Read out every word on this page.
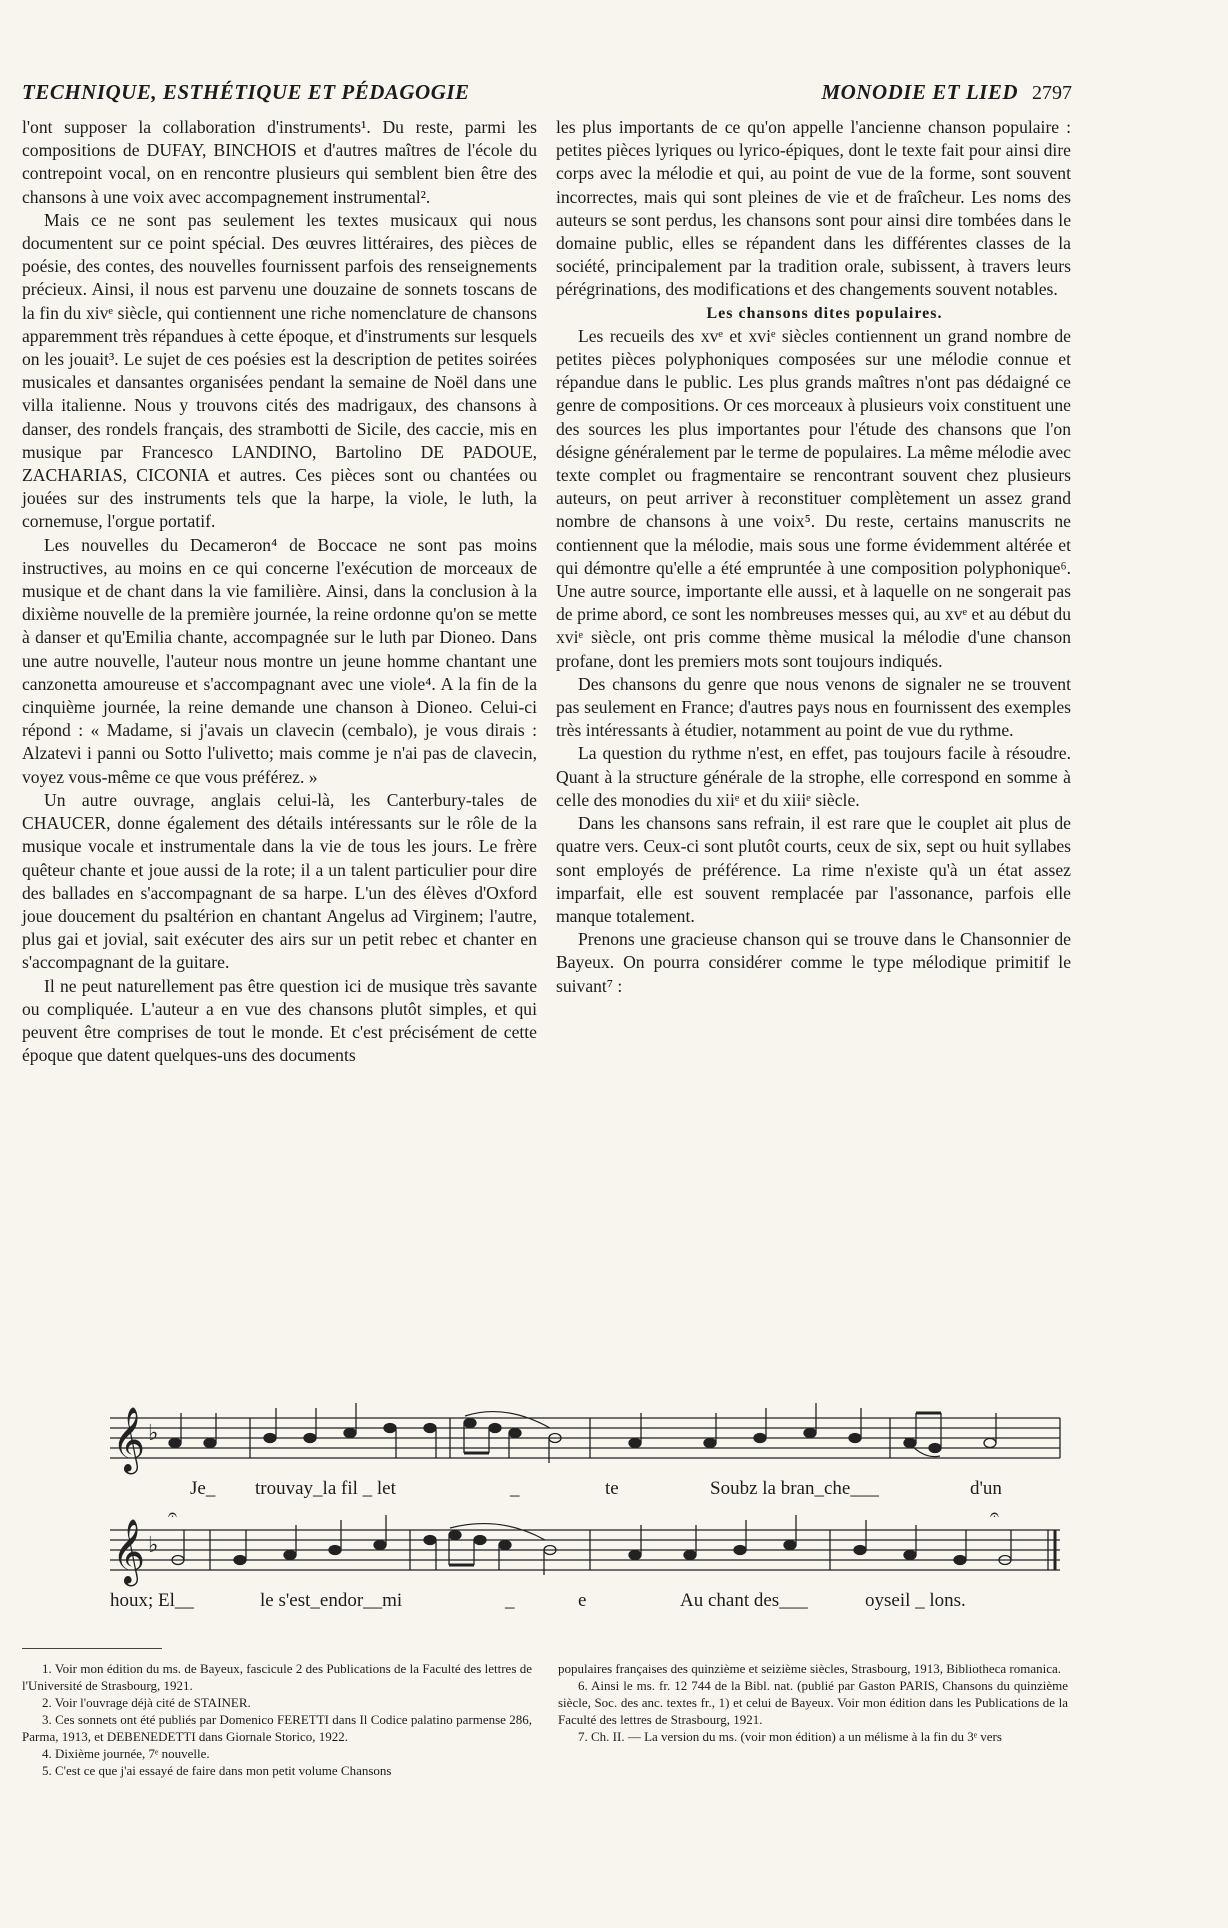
TECHNIQUE, ESTHÉTIQUE ET PÉDAGOGIE	MONODIE ET LIED 2797

l'ont supposer la collaboration d'instruments¹. Du reste, parmi les compositions de DUFAY, BINCHOIS et d'autres maîtres de l'école du contrepoint vocal, on en rencontre plusieurs qui semblent bien être des chansons à une voix avec accompagnement instrumental².

Mais ce ne sont pas seulement les textes musicaux qui nous documentent sur ce point spécial. Des œuvres littéraires, des pièces de poésie, des contes, des nouvelles fournissent parfois des renseignements précieux. Ainsi, il nous est parvenu une douzaine de sonnets toscans de la fin du xivᵉ siècle, qui contiennent une riche nomenclature de chansons apparemment très répandues à cette époque, et d'instruments sur lesquels on les jouait³. Le sujet de ces poésies est la description de petites soirées musicales et dansantes organisées pendant la semaine de Noël dans une villa italienne. Nous y trouvons cités des madrigaux, des chansons à danser, des rondels français, des strambotti de Sicile, des caccie, mis en musique par Francesco LANDINO, Bartolino DE PADOUE, ZACHARIAS, CICONIA et autres. Ces pièces sont ou chantées ou jouées sur des instruments tels que la harpe, la viole, le luth, la cornemuse, l'orgue portatif.

Les nouvelles du Decameron⁴ de Boccace ne sont pas moins instructives, au moins en ce qui concerne l'exécution de morceaux de musique et de chant dans la vie familière. Ainsi, dans la conclusion à la dixième nouvelle de la première journée, la reine ordonne qu'on se mette à danser et qu'Emilia chante, accompagnée sur le luth par Dioneo. Dans une autre nouvelle, l'auteur nous montre un jeune homme chantant une canzonetta amoureuse et s'accompagnant avec une viole⁴. A la fin de la cinquième journée, la reine demande une chanson à Dioneo. Celui-ci répond : « Madame, si j'avais un clavecin (cembalo), je vous dirais : Alzatevi i panni ou Sotto l'ulivetto; mais comme je n'ai pas de clavecin, voyez vous-même ce que vous préférez. »

Un autre ouvrage, anglais celui-là, les Canterbury-tales de CHAUCER, donne également des détails intéressants sur le rôle de la musique vocale et instrumentale dans la vie de tous les jours. Le frère quêteur chante et joue aussi de la rote; il a un talent particulier pour dire des ballades en s'accompagnant de sa harpe. L'un des élèves d'Oxford joue doucement du psaltérion en chantant Angelus ad Virginem; l'autre, plus gai et jovial, sait exécuter des airs sur un petit rebec et chanter en s'accompagnant de la guitare.

Il ne peut naturellement pas être question ici de musique très savante ou compliquée. L'auteur a en vue des chansons plutôt simples, et qui peuvent être comprises de tout le monde. Et c'est précisément de cette époque que datent quelques-uns des documents

les plus importants de ce qu'on appelle l'ancienne chanson populaire : petites pièces lyriques ou lyrico-épiques, dont le texte fait pour ainsi dire corps avec la mélodie et qui, au point de vue de la forme, sont souvent incorrectes, mais qui sont pleines de vie et de fraîcheur. Les noms des auteurs se sont perdus, les chansons sont pour ainsi dire tombées dans le domaine public, elles se répandent dans les différentes classes de la société, principalement par la tradition orale, subissent, à travers leurs pérégrinations, des modifications et des changements souvent notables.

Les chansons dites populaires.

Les recueils des xvᵉ et xviᵉ siècles contiennent un grand nombre de petites pièces polyphoniques composées sur une mélodie connue et répandue dans le public. Les plus grands maîtres n'ont pas dédaigné ce genre de compositions. Or ces morceaux à plusieurs voix constituent une des sources les plus importantes pour l'étude des chansons que l'on désigne généralement par le terme de populaires. La même mélodie avec texte complet ou fragmentaire se rencontrant souvent chez plusieurs auteurs, on peut arriver à reconstituer complètement un assez grand nombre de chansons à une voix⁵. Du reste, certains manuscrits ne contiennent que la mélodie, mais sous une forme évidemment altérée et qui démontre qu'elle a été empruntée à une composition polyphonique⁶. Une autre source, importante elle aussi, et à laquelle on ne songerait pas de prime abord, ce sont les nombreuses messes qui, au xvᵉ et au début du xviᵉ siècle, ont pris comme thème musical la mélodie d'une chanson profane, dont les premiers mots sont toujours indiqués.

Des chansons du genre que nous venons de signaler ne se trouvent pas seulement en France; d'autres pays nous en fournissent des exemples très intéressants à étudier, notamment au point de vue du rythme.

La question du rythme n'est, en effet, pas toujours facile à résoudre. Quant à la structure générale de la strophe, elle correspond en somme à celle des monodies du xiiᵉ et du xiiiᵉ siècle.

Dans les chansons sans refrain, il est rare que le couplet ait plus de quatre vers. Ceux-ci sont plutôt courts, ceux de six, sept ou huit syllabes sont employés de préférence. La rime n'existe qu'à un état assez imparfait, elle est souvent remplacée par l'assonance, parfois elle manque totalement.

Prenons une gracieuse chanson qui se trouve dans le Chansonnier de Bayeux. On pourra considérer comme le type mélodique primitif le suivant⁷ :

𝄞 ♭
Je_ trouvay_la fil _ let	_	te	Soubz la bran_che___	d'un
𝄞 ♭
𝄐	𝄐
houx; El__	le s'est_endor__mi	_	e	Au chant des___	oyseil _ lons.

1. Voir mon édition du ms. de Bayeux, fascicule 2 des Publications de la Faculté des lettres de l'Université de Strasbourg, 1921.

2. Voir l'ouvrage déjà cité de STAINER.

3. Ces sonnets ont été publiés par Domenico FERETTI dans Il Codice palatino parmense 286, Parma, 1913, et DEBENEDETTI dans Giornale Storico, 1922.

4. Dixième journée, 7ᵉ nouvelle.

5. C'est ce que j'ai essayé de faire dans mon petit volume Chansons

populaires françaises des quinzième et seizième siècles, Strasbourg, 1913, Bibliotheca romanica.

6. Ainsi le ms. fr. 12 744 de la Bibl. nat. (publié par Gaston PARIS, Chansons du quinzième siècle, Soc. des anc. textes fr., 1) et celui de Bayeux. Voir mon édition dans les Publications de la Faculté des lettres de Strasbourg, 1921.

7. Ch. II. — La version du ms. (voir mon édition) a un mélisme à la fin du 3ᵉ vers
